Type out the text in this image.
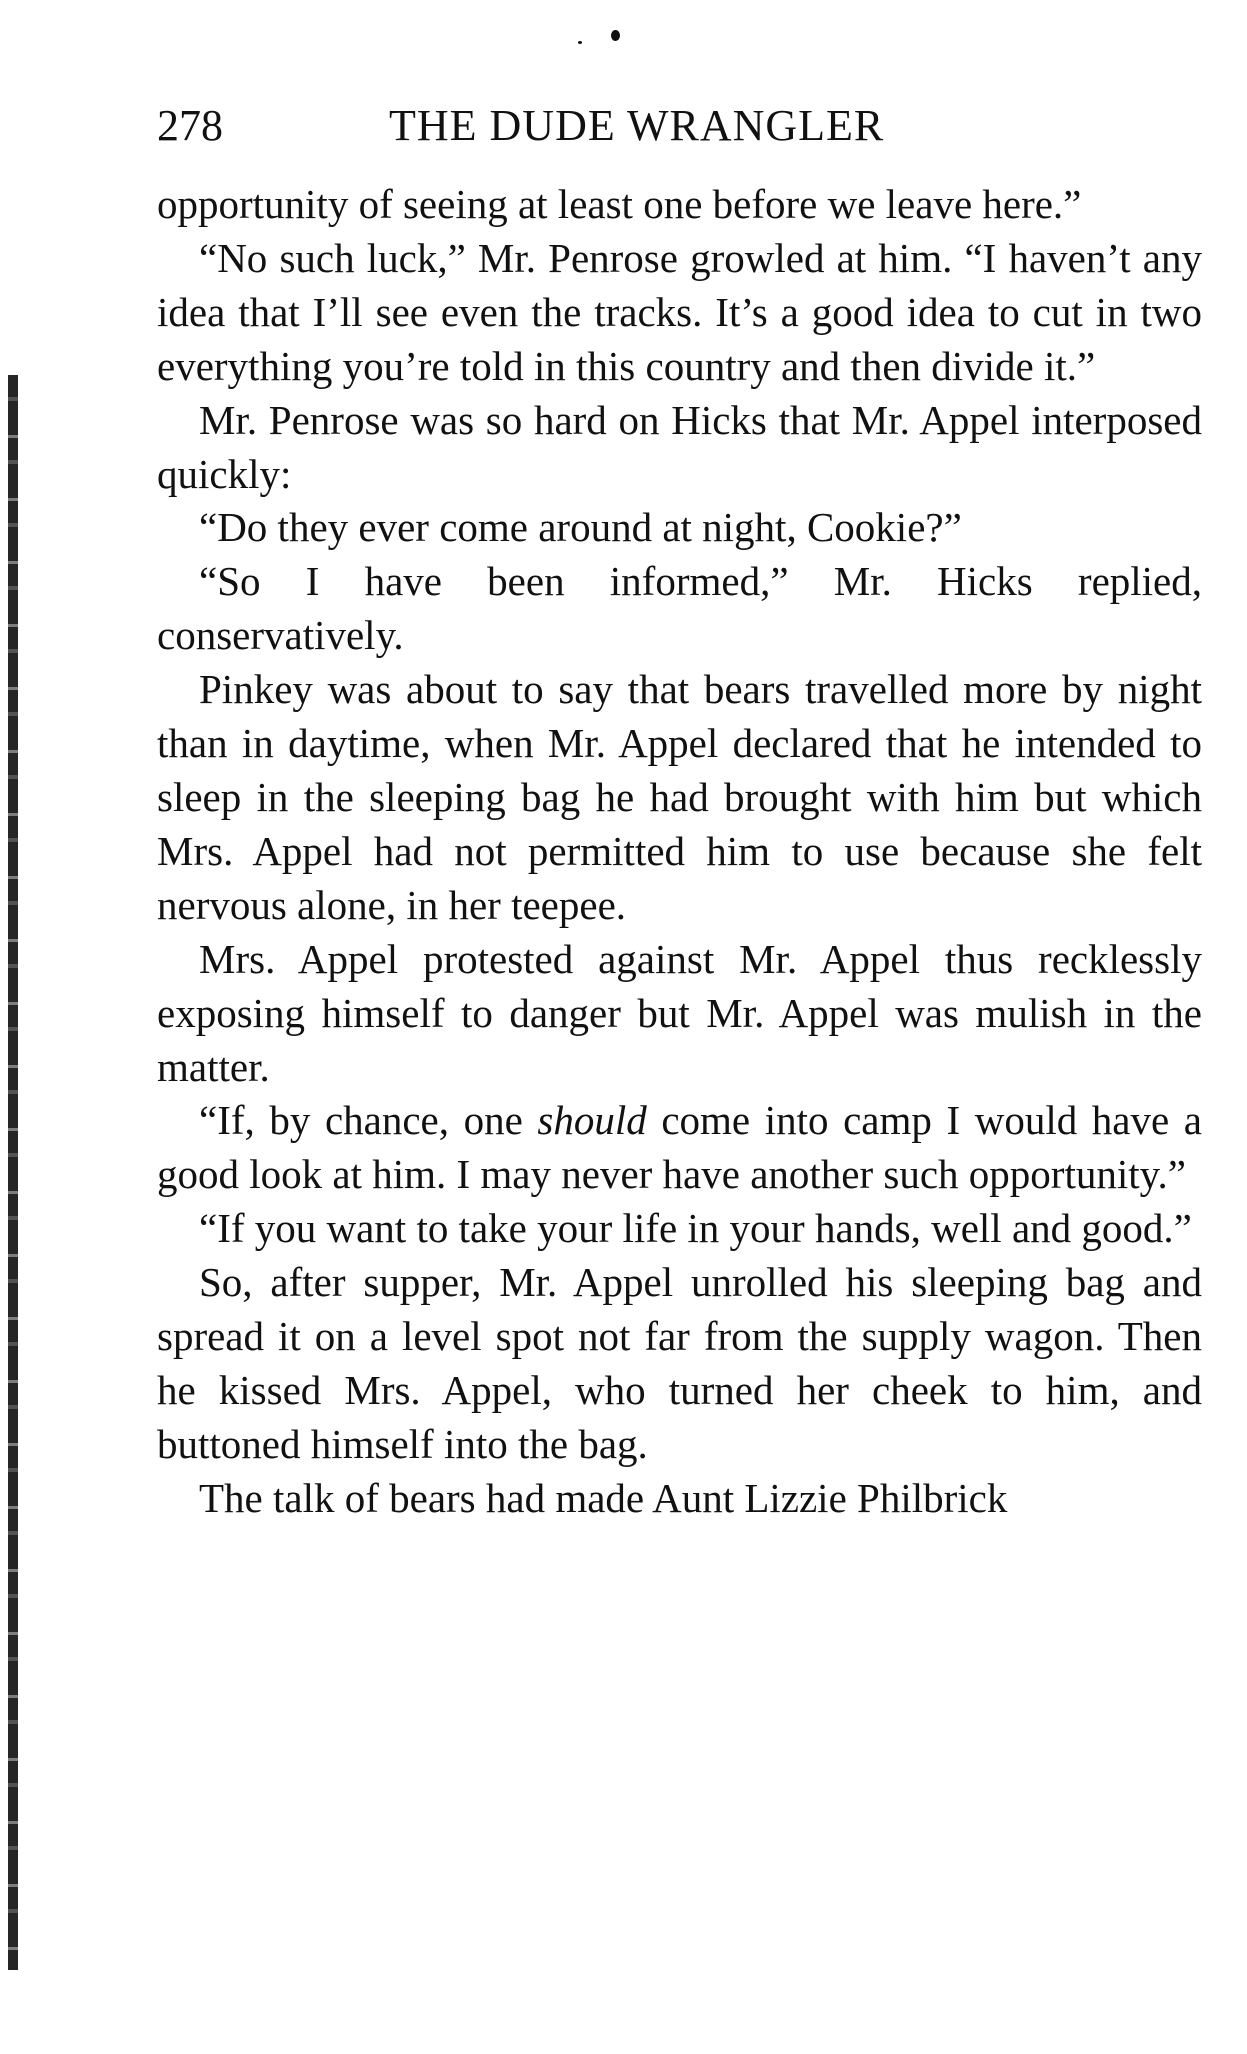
278	THE DUDE WRANGLER

opportunity of seeing at least one before we leave here.”

“No such luck,” Mr. Penrose growled at him. “I haven’t any idea that I’ll see even the tracks. It’s a good idea to cut in two everything you’re told in this country and then divide it.”

Mr. Penrose was so hard on Hicks that Mr. Appel interposed quickly:

“Do they ever come around at night, Cookie?”

“So I have been informed,” Mr. Hicks replied, conservatively.

Pinkey was about to say that bears travelled more by night than in daytime, when Mr. Appel declared that he intended to sleep in the sleeping bag he had brought with him but which Mrs. Appel had not permitted him to use because she felt nervous alone, in her teepee.

Mrs. Appel protested against Mr. Appel thus recklessly exposing himself to danger but Mr. Appel was mulish in the matter.

“If, by chance, one should come into camp I would have a good look at him. I may never have another such opportunity.”

“If you want to take your life in your hands, well and good.”

So, after supper, Mr. Appel unrolled his sleeping bag and spread it on a level spot not far from the supply wagon. Then he kissed Mrs. Appel, who turned her cheek to him, and buttoned himself into the bag.

The talk of bears had made Aunt Lizzie Philbrick
